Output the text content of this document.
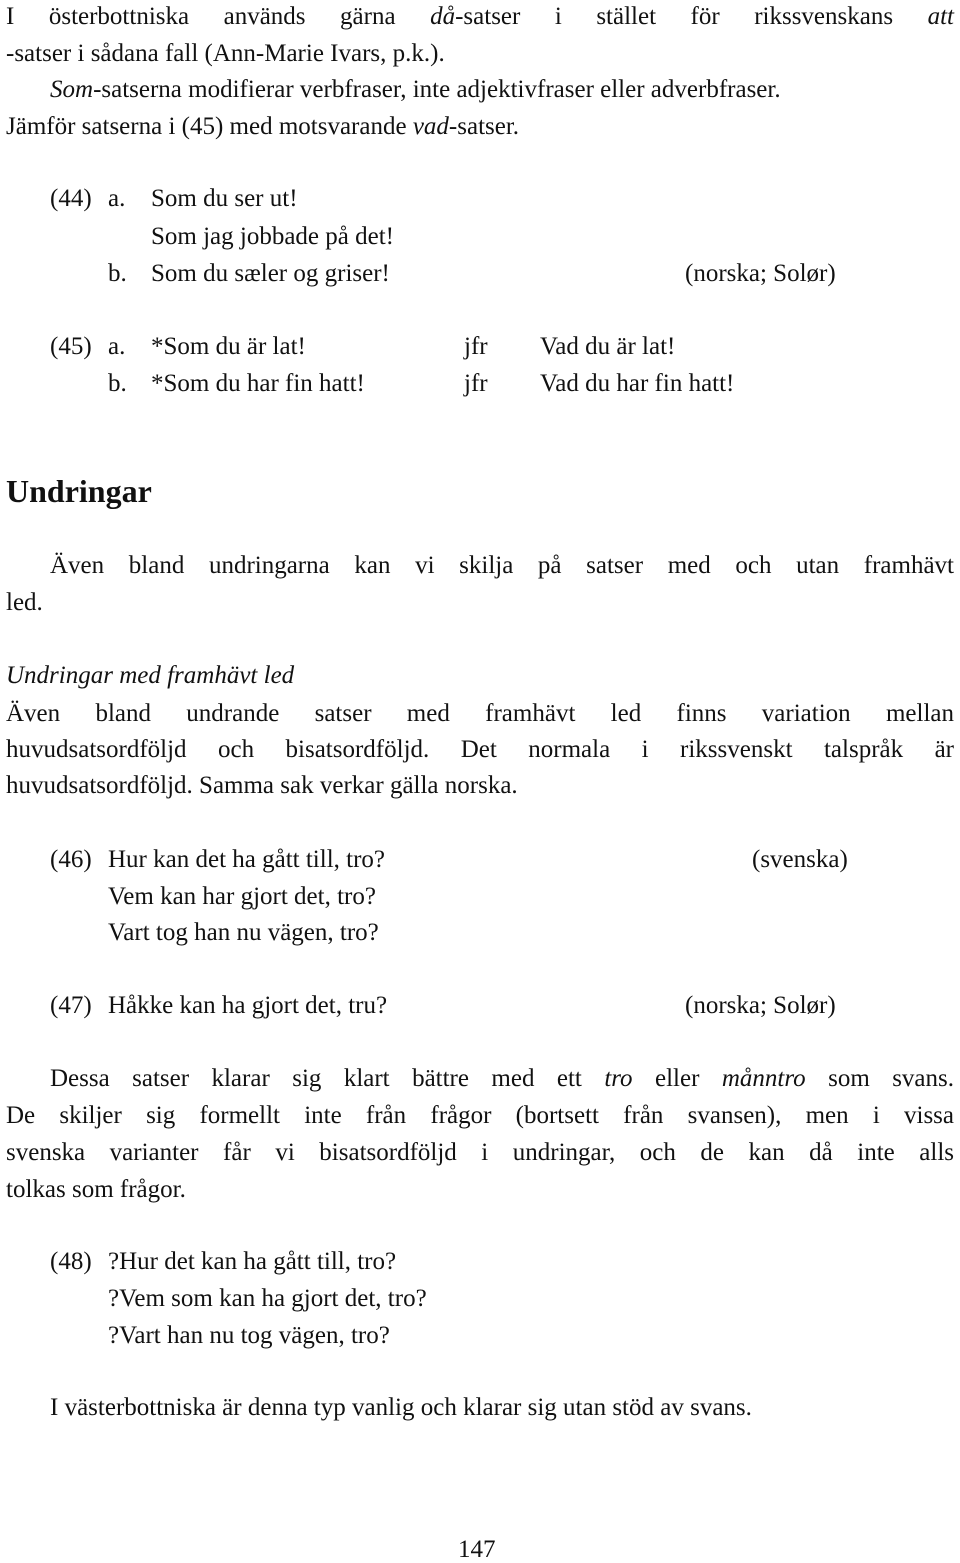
I österbottniska används gärna då-satser i stället för rikssvenskans att
-satser i sådana fall (Ann-Marie Ivars, p.k.).
Som-satserna modifierar verbfraser, inte adjektivfraser eller adverbfraser.
Jämför satserna i (45) med motsvarande vad-satser.
(44) a. Som du ser ut!
Som jag jobbade på det!
b. Som du sæler og griser!	(norska; Solør)
(45) a. *Som du är lat!	jfr Vad du är lat!
b. *Som du har fin hatt!	jfr Vad du har fin hatt!
Undringar
Även bland undringarna kan vi skilja på satser med och utan framhävt
led.
Undringar med framhävt led
Även bland undrande satser med framhävt led finns variation mellan
huvudsatsordföljd och bisatsordföljd. Det normala i rikssvenskt talspråk är
huvudsatsordföljd. Samma sak verkar gälla norska.
(46) Hur kan det ha gått till, tro?	(svenska)
Vem kan har gjort det, tro?
Vart tog han nu vägen, tro?
(47) Håkke kan ha gjort det, tru?	(norska; Solør)
Dessa satser klarar sig klart bättre med ett tro eller månntro som svans.
De skiljer sig formellt inte från frågor (bortsett från svansen), men i vissa
svenska varianter får vi bisatsordföljd i undringar, och de kan då inte alls
tolkas som frågor.
(48) ?Hur det kan ha gått till, tro?
?Vem som kan ha gjort det, tro?
?Vart han nu tog vägen, tro?
I västerbottniska är denna typ vanlig och klarar sig utan stöd av svans.
147
